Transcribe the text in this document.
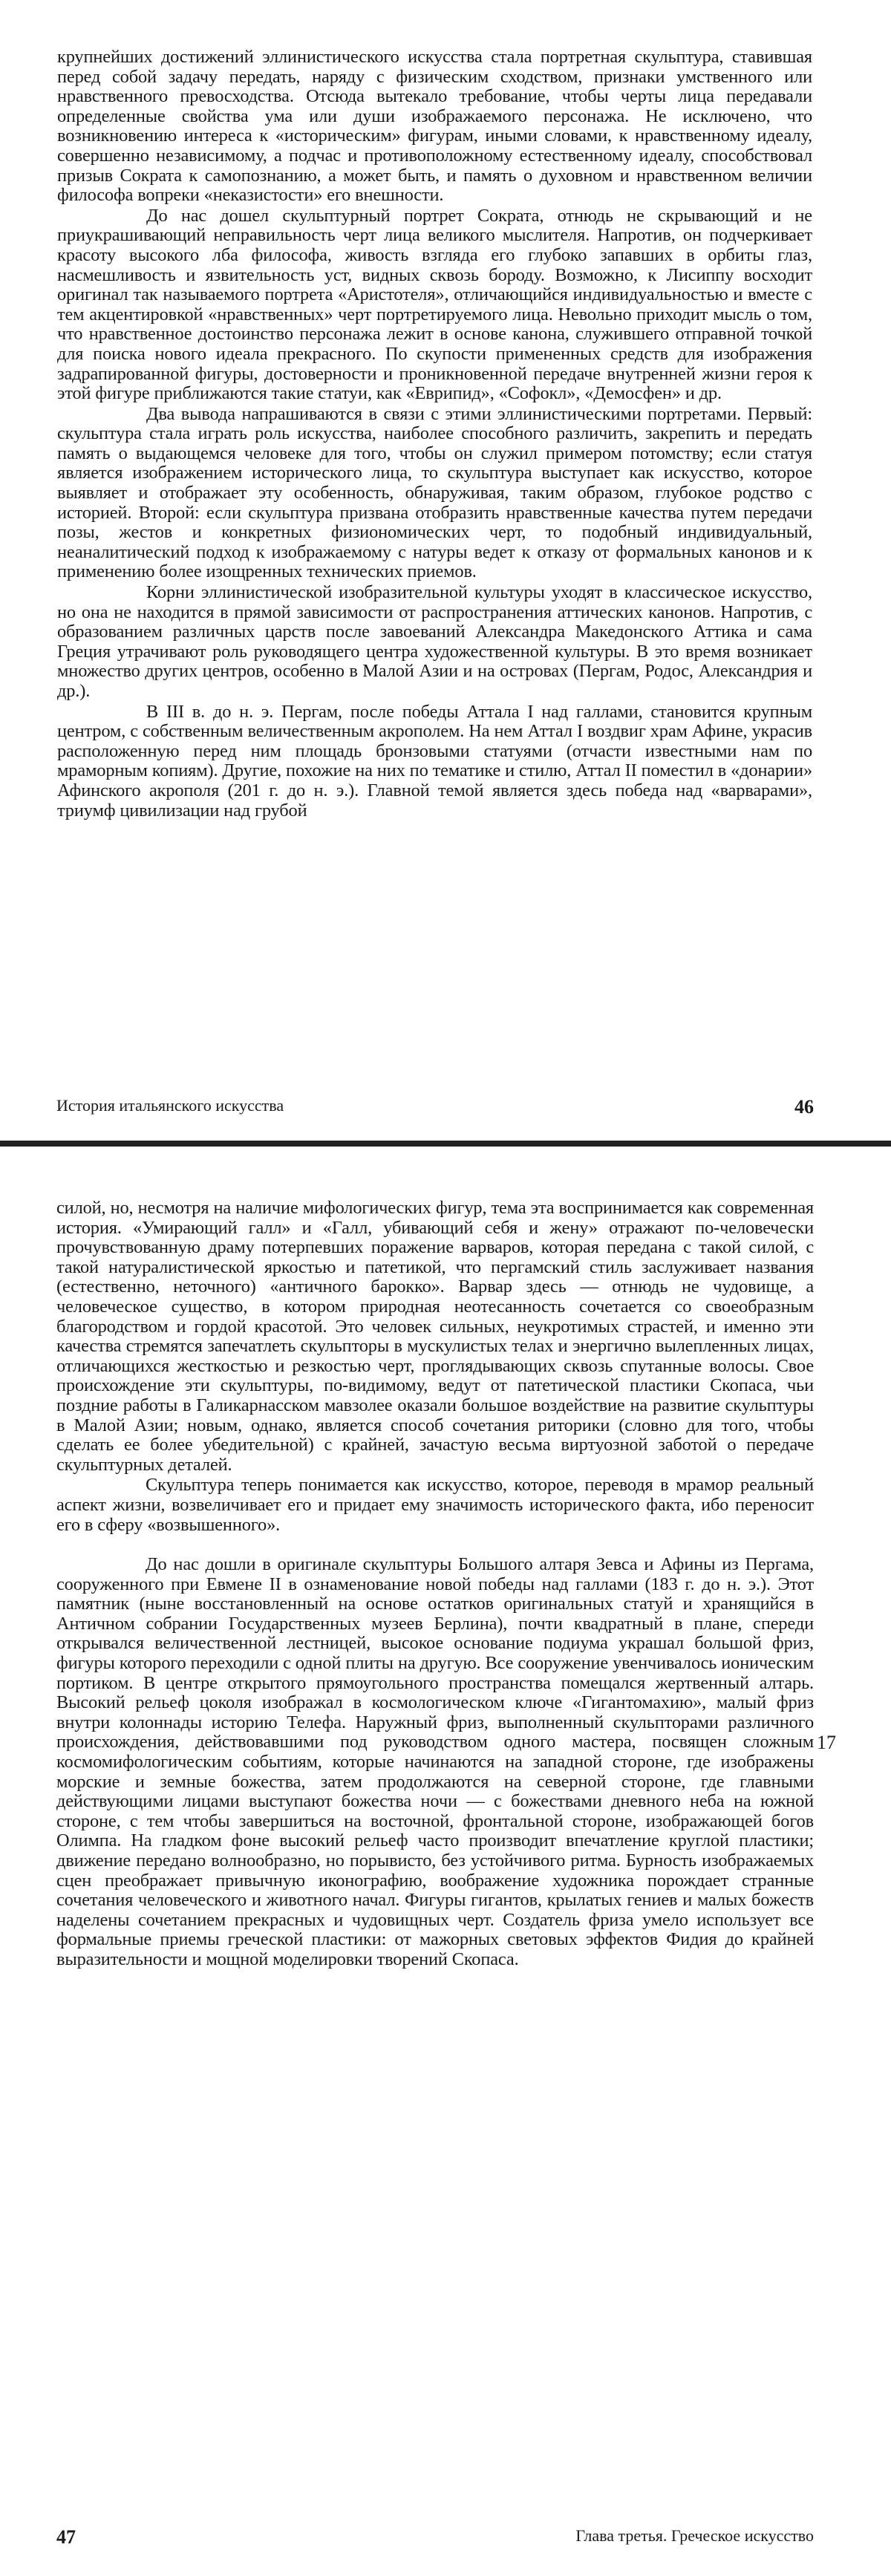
крупнейших достижений эллинистического искусства стала портретная скульптура, ставившая перед собой задачу передать, наряду с физическим сходством, признаки умственного или нравственного превосходства. Отсюда вытекало требование, чтобы черты лица передавали определенные свойства ума или души изображаемого персонажа. Не исключено, что возникновению интереса к «историческим» фигурам, иными словами, к нравственному идеалу, совершенно независимому, а подчас и противоположному естественному идеалу, способствовал призыв Сократа к самопознанию, а может быть, и память о духовном и нравственном величии философа вопреки «неказистости» его внешности.

До нас дошел скульптурный портрет Сократа, отнюдь не скрывающий и не приукрашивающий неправильность черт лица великого мыслителя. Напротив, он подчеркивает красоту высокого лба философа, живость взгляда его глубоко запавших в орбиты глаз, насмешливость и язвительность уст, видных сквозь бороду. Возможно, к Лисиппу восходит оригинал так называемого портрета «Аристотеля», отличающийся индивидуальностью и вместе с тем акцентировкой «нравственных» черт портретируемого лица. Невольно приходит мысль о том, что нравственное достоинство персонажа лежит в основе канона, служившего отправной точкой для поиска нового идеала прекрасного. По скупости примененных средств для изображения задрапированной фигуры, достоверности и проникновенной передаче внутренней жизни героя к этой фигуре приближаются такие статуи, как «Еврипид», «Софокл», «Демосфен» и др.

Два вывода напрашиваются в связи с этими эллинистическими портретами. Первый: скульптура стала играть роль искусства, наиболее способного различить, закрепить и передать память о выдающемся человеке для того, чтобы он служил примером потомству; если статуя является изображением исторического лица, то скульптура выступает как искусство, которое выявляет и отображает эту особенность, обнаруживая, таким образом, глубокое родство с историей. Второй: если скульптура призвана отобразить нравственные качества путем передачи позы, жестов и конкретных физиономических черт, то подобный индивидуальный, неаналитический подход к изображаемому с натуры ведет к отказу от формальных канонов и к применению более изощренных технических приемов.

Корни эллинистической изобразительной культуры уходят в классическое искусство, но она не находится в прямой зависимости от распространения аттических канонов. Напротив, с образованием различных царств после завоеваний Александра Македонского Аттика и сама Греция утрачивают роль руководящего центра художественной культуры. В это время возникает множество других центров, особенно в Малой Азии и на островах (Пергам, Родос, Александрия и др.).

В III в. до н. э. Пергам, после победы Аттала I над галлами, становится крупным центром, с собственным величественным акрополем. На нем Аттал I воздвиг храм Афине, украсив расположенную перед ним площадь бронзовыми статуями (отчасти известными нам по мраморным копиям). Другие, похожие на них по тематике и стилю, Аттал II поместил в «донарии» Афинского акрополя (201 г. до н. э.). Главной темой является здесь победа над «варварами», триумф цивилизации над грубой

История итальянского искусства	46

силой, но, несмотря на наличие мифологических фигур, тема эта воспринимается как современная история. «Умирающий галл» и «Галл, убивающий себя и жену» отражают по-человечески прочувствованную драму потерпевших поражение варваров, которая передана с такой силой, с такой натуралистической яркостью и патетикой, что пергамский стиль заслуживает названия (естественно, неточного) «античного барокко». Варвар здесь — отнюдь не чудовище, а человеческое существо, в котором природная неотесанность сочетается со своеобразным благородством и гордой красотой. Это человек сильных, неукротимых страстей, и именно эти качества стремятся запечатлеть скульпторы в мускулистых телах и энергично вылепленных лицах, отличающихся жесткостью и резкостью черт, проглядывающих сквозь спутанные волосы. Свое происхождение эти скульптуры, по-видимому, ведут от патетической пластики Скопаса, чьи поздние работы в Галикарнасском мавзолее оказали большое воздействие на развитие скульптуры в Малой Азии; новым, однако, является способ сочетания риторики (словно для того, чтобы сделать ее более убедительной) с крайней, зачастую весьма виртуозной заботой о передаче скульптурных деталей.

Скульптура теперь понимается как искусство, которое, переводя в мрамор реальный аспект жизни, возвеличивает его и придает ему значимость исторического факта, ибо переносит его в сферу «возвышенного».

До нас дошли в оригинале скульптуры Большого алтаря Зевса и Афины из Пергама, сооруженного при Евмене II в ознаменование новой победы над галлами (183 г. до н. э.). Этот памятник (ныне восстановленный на основе остатков оригинальных статуй и хранящийся в Античном собрании Государственных музеев Берлина), почти квадратный в плане, спереди открывался величественной лестницей, высокое основание подиума украшал большой фриз, фигуры которого переходили с одной плиты на другую. Все сооружение увенчивалось ионическим портиком. В центре открытого прямоугольного пространства помещался жертвенный алтарь. Высокий рельеф цоколя изображал в космологическом ключе «Гигантомахию», малый фриз внутри колоннады историю Телефа. Наружный фриз, выполненный скульпторами различного происхождения, действовавшими под руководством одного мастера, посвящен сложным космомифологическим событиям, которые начинаются на западной стороне, где изображены морские и земные божества, затем продолжаются на северной стороне, где главными действующими лицами выступают божества ночи — с божествами дневного неба на южной стороне, с тем чтобы завершиться на восточной, фронтальной стороне, изображающей богов Олимпа. На гладком фоне высокий рельеф часто производит впечатление круглой пластики; движение передано волнообразно, но порывисто, без устойчивого ритма. Бурность изображаемых сцен преображает привычную иконографию, воображение художника порождает странные сочетания человеческого и животного начал. Фигуры гигантов, крылатых гениев и малых божеств наделены сочетанием прекрасных и чудовищных черт. Создатель фриза умело использует все формальные приемы греческой пластики: от мажорных световых эффектов Фидия до крайней выразительности и мощной моделировки творений Скопаса.

17
47	Глава третья. Греческое искусство
